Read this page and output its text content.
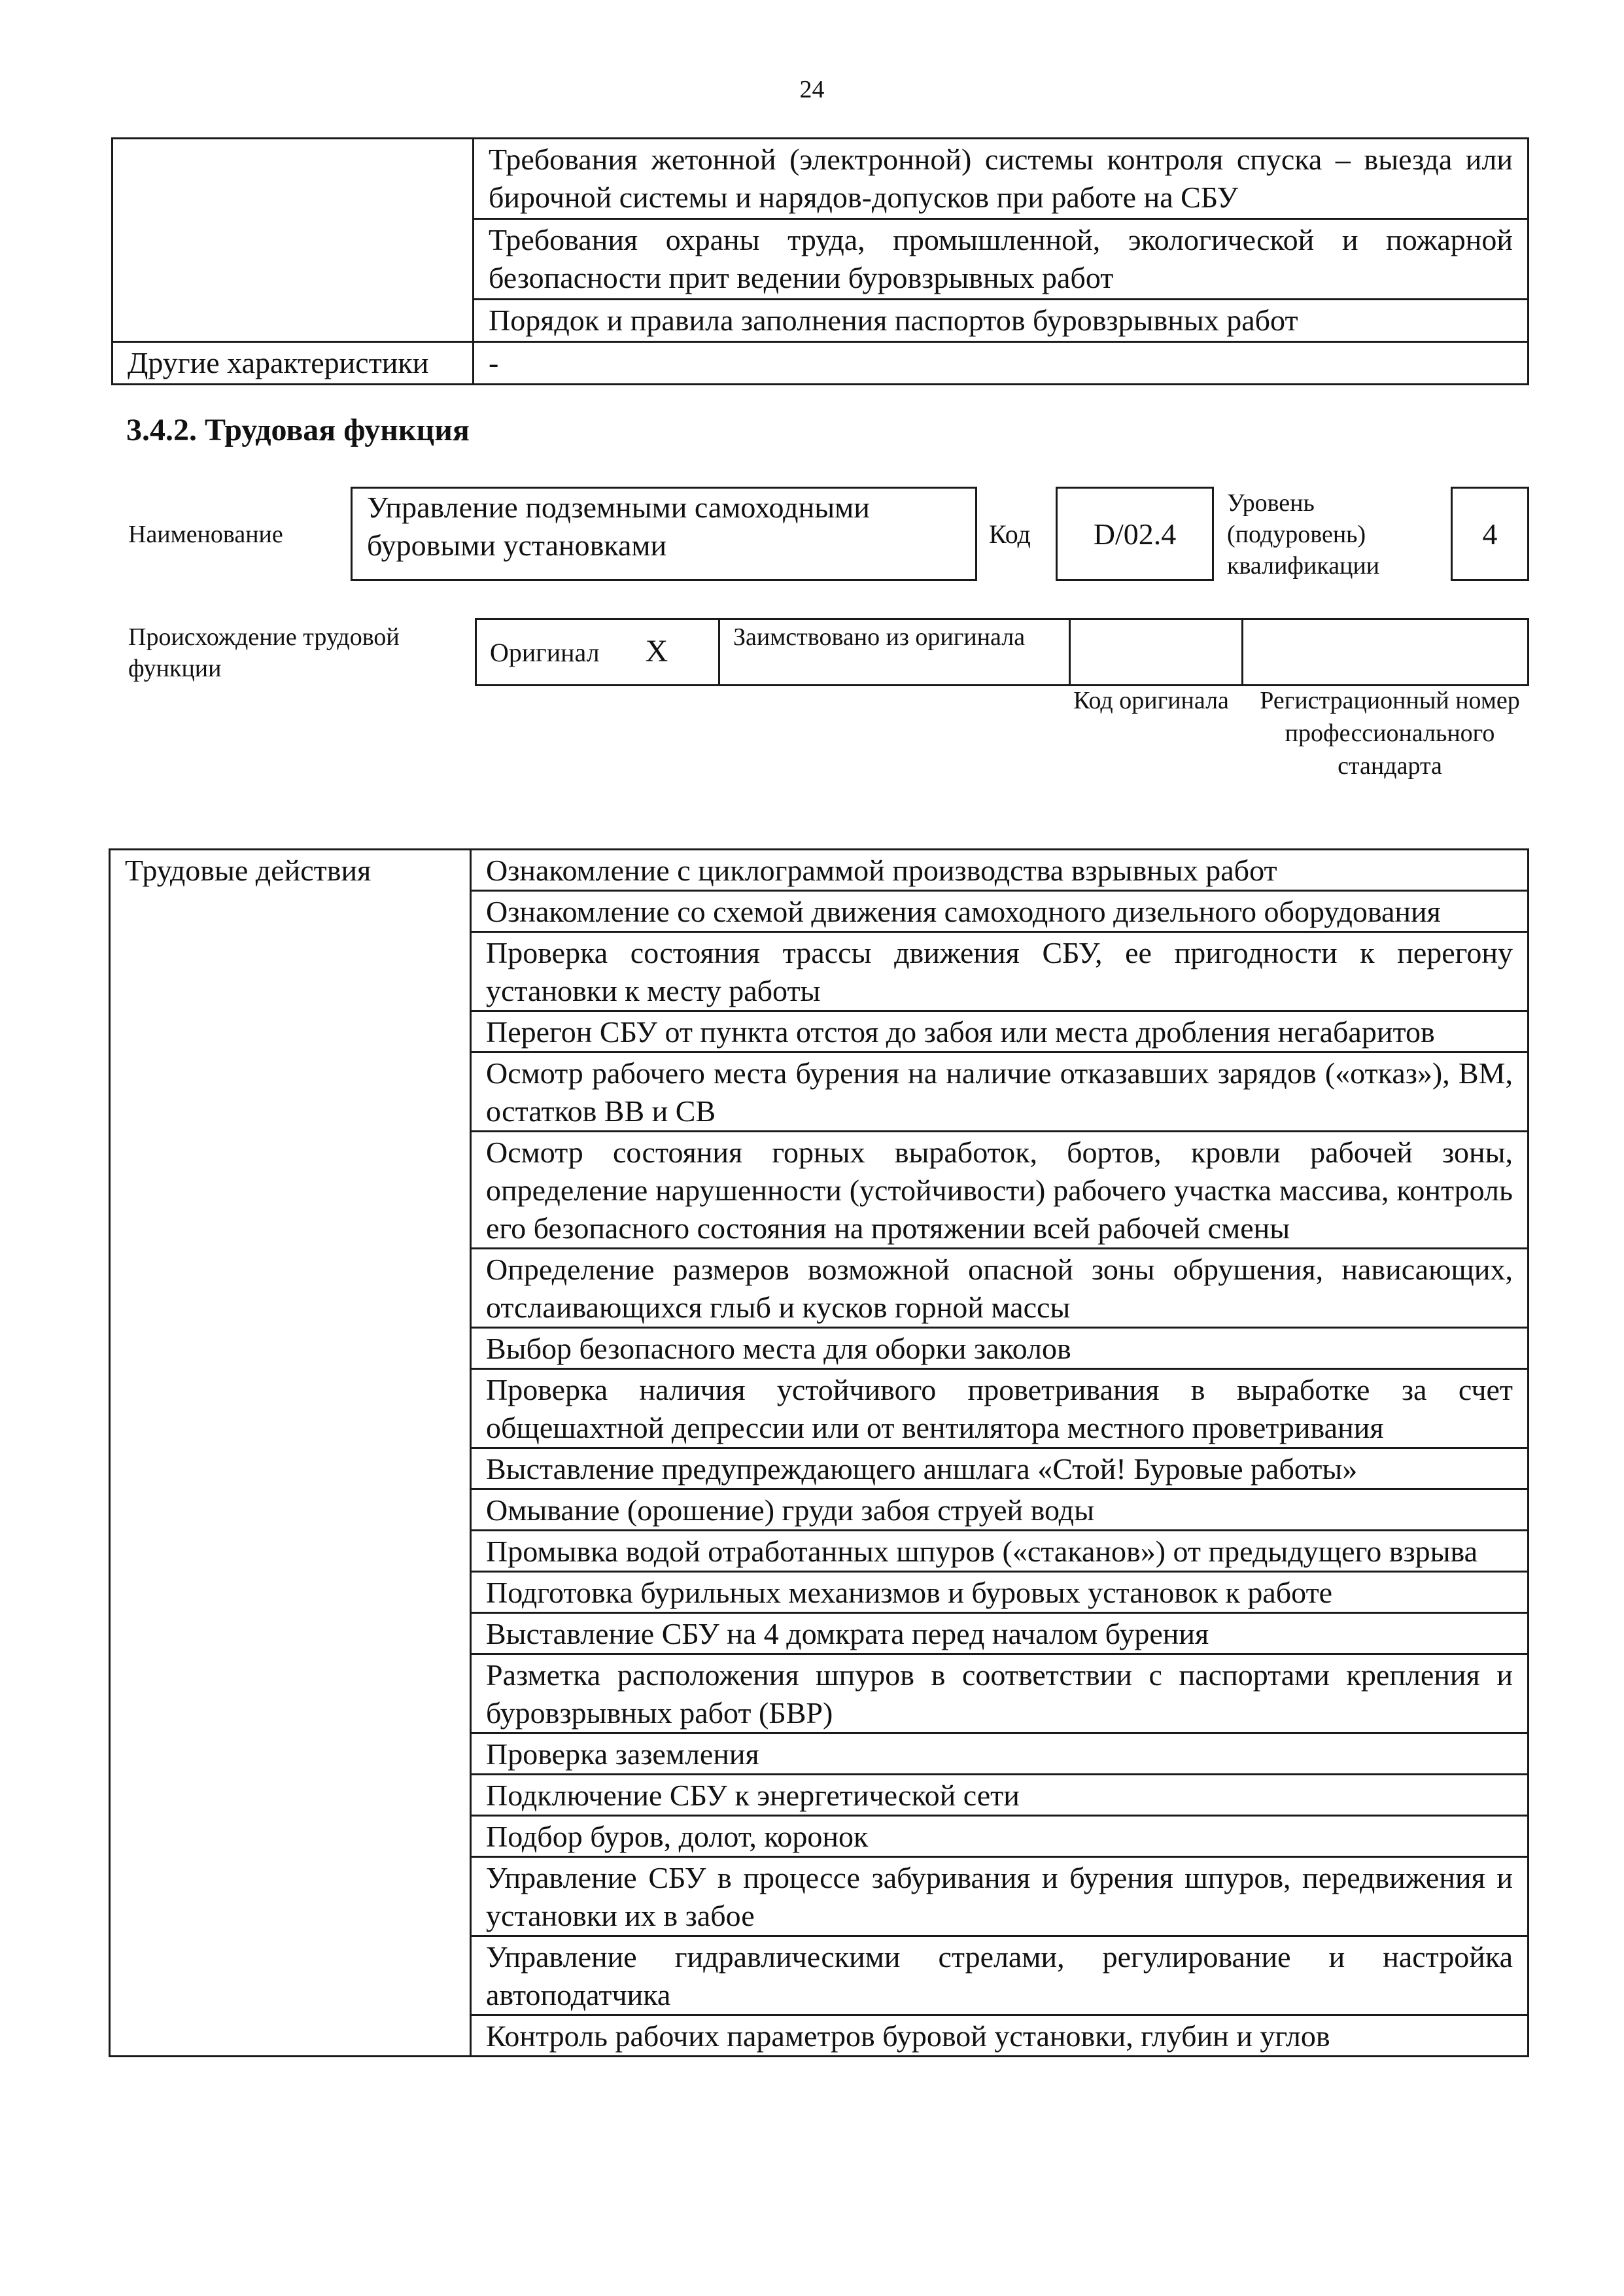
24
	Требования жетонной (электронной) системы контроля спуска – выезда или бирочной системы и нарядов-допусков при работе на СБУ
	Требования охраны труда, промышленной, экологической и пожарной безопасности прит ведении буровзрывных работ
	Порядок и правила заполнения паспортов буровзрывных работ
Другие характеристики	-
3.4.2. Трудовая функция
Наименование
Управление подземными самоходными буровыми установками	Код	D/02.4
Уровень (подуровень) квалификации
4
Происхождение трудовой функции
Оригинал X	Заимствовано из оригинала		
Код оригинала Регистрационный номер профессионального стандарта
Трудовые действия	Ознакомление с циклограммой производства взрывных работ
Ознакомление со схемой движения самоходного дизельного оборудования
Проверка состояния трассы движения СБУ, ее пригодности к перегону установки к месту работы
Перегон СБУ от пункта отстоя до забоя или места дробления негабаритов
Осмотр рабочего места бурения на наличие отказавших зарядов («отказ»), ВМ, остатков ВВ и СВ
Осмотр состояния горных выработок, бортов, кровли рабочей зоны, определение нарушенности (устойчивости) рабочего участка массива, контроль его безопасного состояния на протяжении всей рабочей смены
Определение размеров возможной опасной зоны обрушения, нависающих, отслаивающихся глыб и кусков горной массы
Выбор безопасного места для оборки заколов
Проверка наличия устойчивого проветривания в выработке за счет общешахтной депрессии или от вентилятора местного проветривания
Выставление предупреждающего аншлага «Стой! Буровые работы»
Омывание (орошение) груди забоя струей воды
Промывка водой отработанных шпуров («стаканов») от предыдущего взрыва
Подготовка бурильных механизмов и буровых установок к работе
Выставление СБУ на 4 домкрата перед началом бурения
Разметка расположения шпуров в соответствии с паспортами крепления и буровзрывных работ (БВР)
Проверка заземления
Подключение СБУ к энергетической сети
Подбор буров, долот, коронок
Управление СБУ в процессе забуривания и бурения шпуров, передвижения и установки их в забое
Управление гидравлическими стрелами, регулирование и настройка автоподатчика
Контроль рабочих параметров буровой установки, глубин и углов
